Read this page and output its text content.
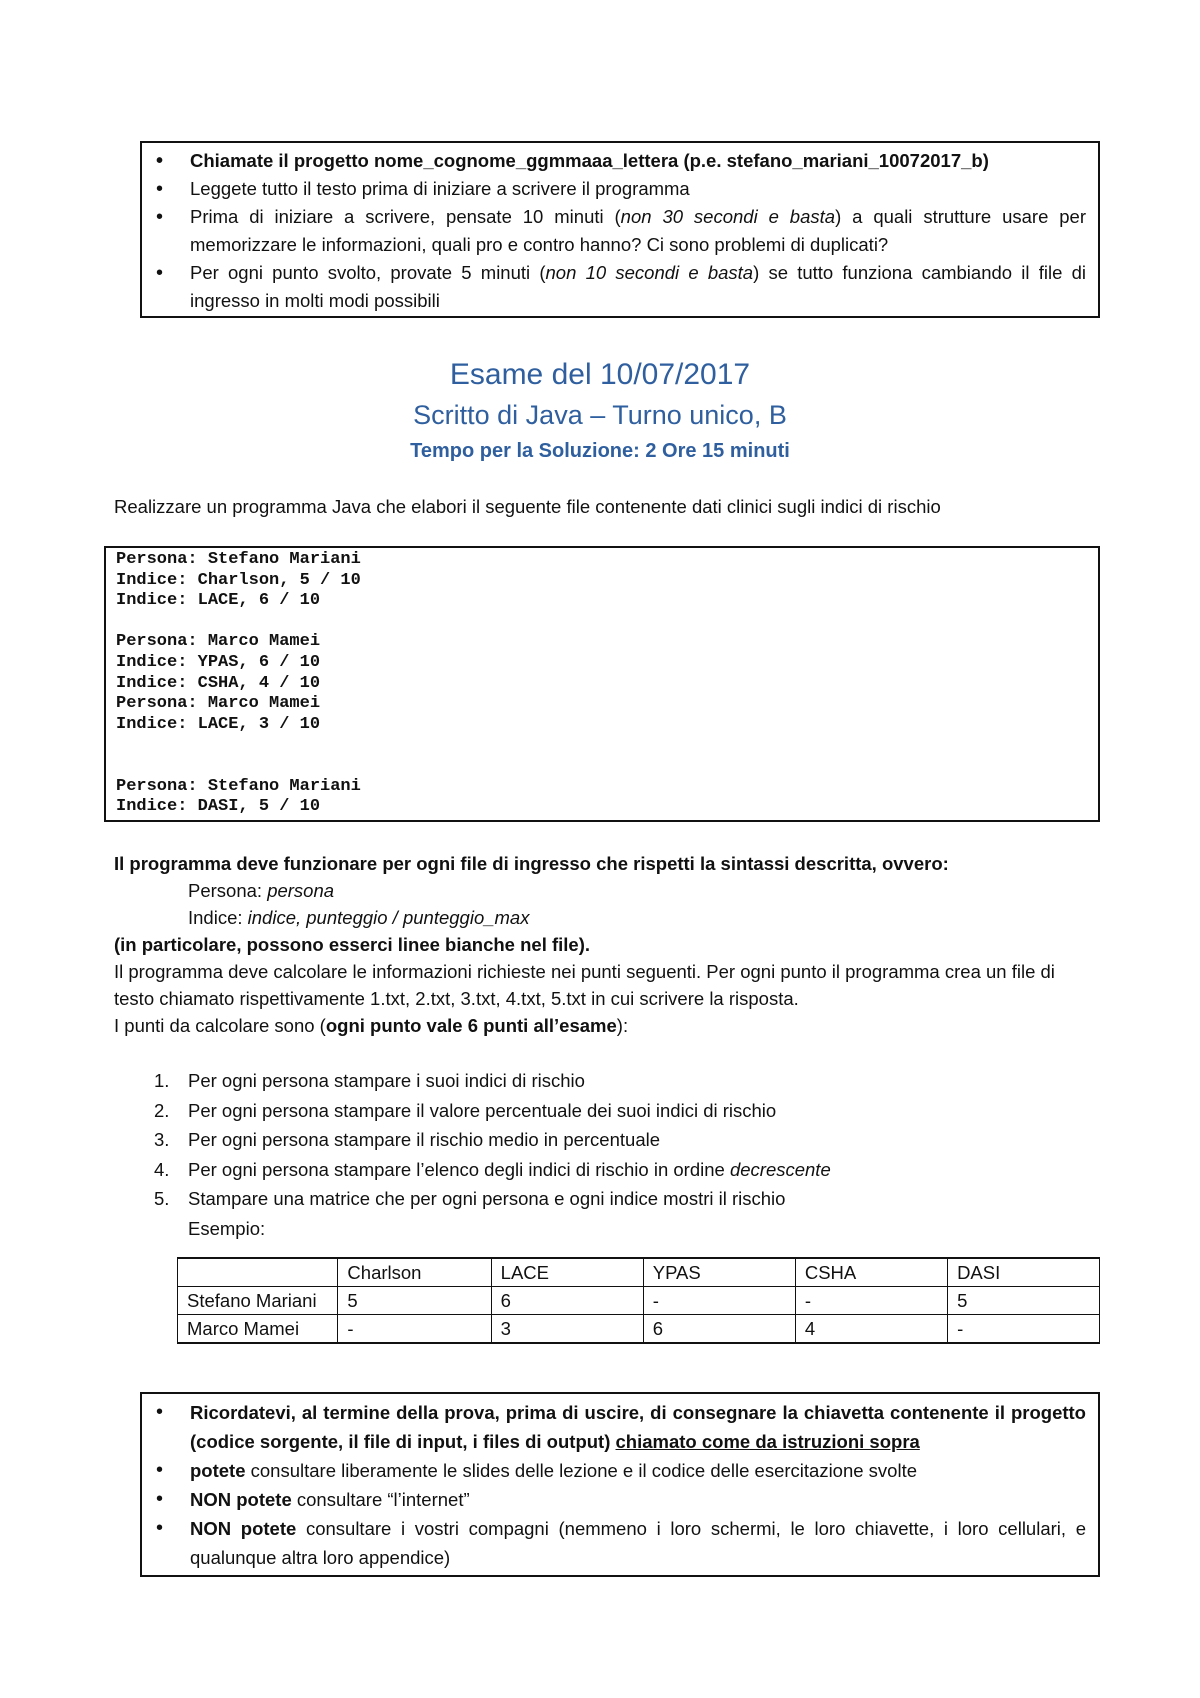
• Chiamate il progetto nome_cognome_ggmmaaa_lettera (p.e. stefano_mariani_10072017_b)
• Leggete tutto il testo prima di iniziare a scrivere il programma
• Prima di iniziare a scrivere, pensate 10 minuti (non 30 secondi e basta) a quali strutture usare per memorizzare le informazioni, quali pro e contro hanno? Ci sono problemi di duplicati?
• Per ogni punto svolto, provate 5 minuti (non 10 secondi e basta) se tutto funziona cambiando il file di ingresso in molti modi possibili
Esame del 10/07/2017
Scritto di Java – Turno unico, B
Tempo per la Soluzione: 2 Ore 15 minuti
Realizzare un programma Java che elabori il seguente file contenente dati clinici sugli indici di rischio
Persona: Stefano Mariani
Indice: Charlson, 5 / 10
Indice: LACE, 6 / 10
Persona: Marco Mamei
Indice: YPAS, 6 / 10
Indice: CSHA, 4 / 10
Persona: Marco Mamei
Indice: LACE, 3 / 10
Persona: Stefano Mariani
Indice: DASI, 5 / 10
Il programma deve funzionare per ogni file di ingresso che rispetti la sintassi descritta, ovvero:
Persona: persona
Indice: indice, punteggio / punteggio_max
(in particolare, possono esserci linee bianche nel file).
Il programma deve calcolare le informazioni richieste nei punti seguenti. Per ogni punto il programma crea un file di testo chiamato rispettivamente 1.txt, 2.txt, 3.txt, 4.txt, 5.txt in cui scrivere la risposta.
I punti da calcolare sono (ogni punto vale 6 punti all’esame):
1. Per ogni persona stampare i suoi indici di rischio
2. Per ogni persona stampare il valore percentuale dei suoi indici di rischio
3. Per ogni persona stampare il rischio medio in percentuale
4. Per ogni persona stampare l’elenco degli indici di rischio in ordine decrescente
5. Stampare una matrice che per ogni persona e ogni indice mostri il rischio
Esempio:
	Charlson	LACE	YPAS	CSHA	DASI
Stefano Mariani	5	6	-	-	5
Marco Mamei	-	3	6	4	-
• Ricordatevi, al termine della prova, prima di uscire, di consegnare la chiavetta contenente il progetto (codice sorgente, il file di input, i files di output) chiamato come da istruzioni sopra
• potete consultare liberamente le slides delle lezione e il codice delle esercitazione svolte
• NON potete consultare “l’internet”
• NON potete consultare i vostri compagni (nemmeno i loro schermi, le loro chiavette, i loro cellulari, e qualunque altra loro appendice)
